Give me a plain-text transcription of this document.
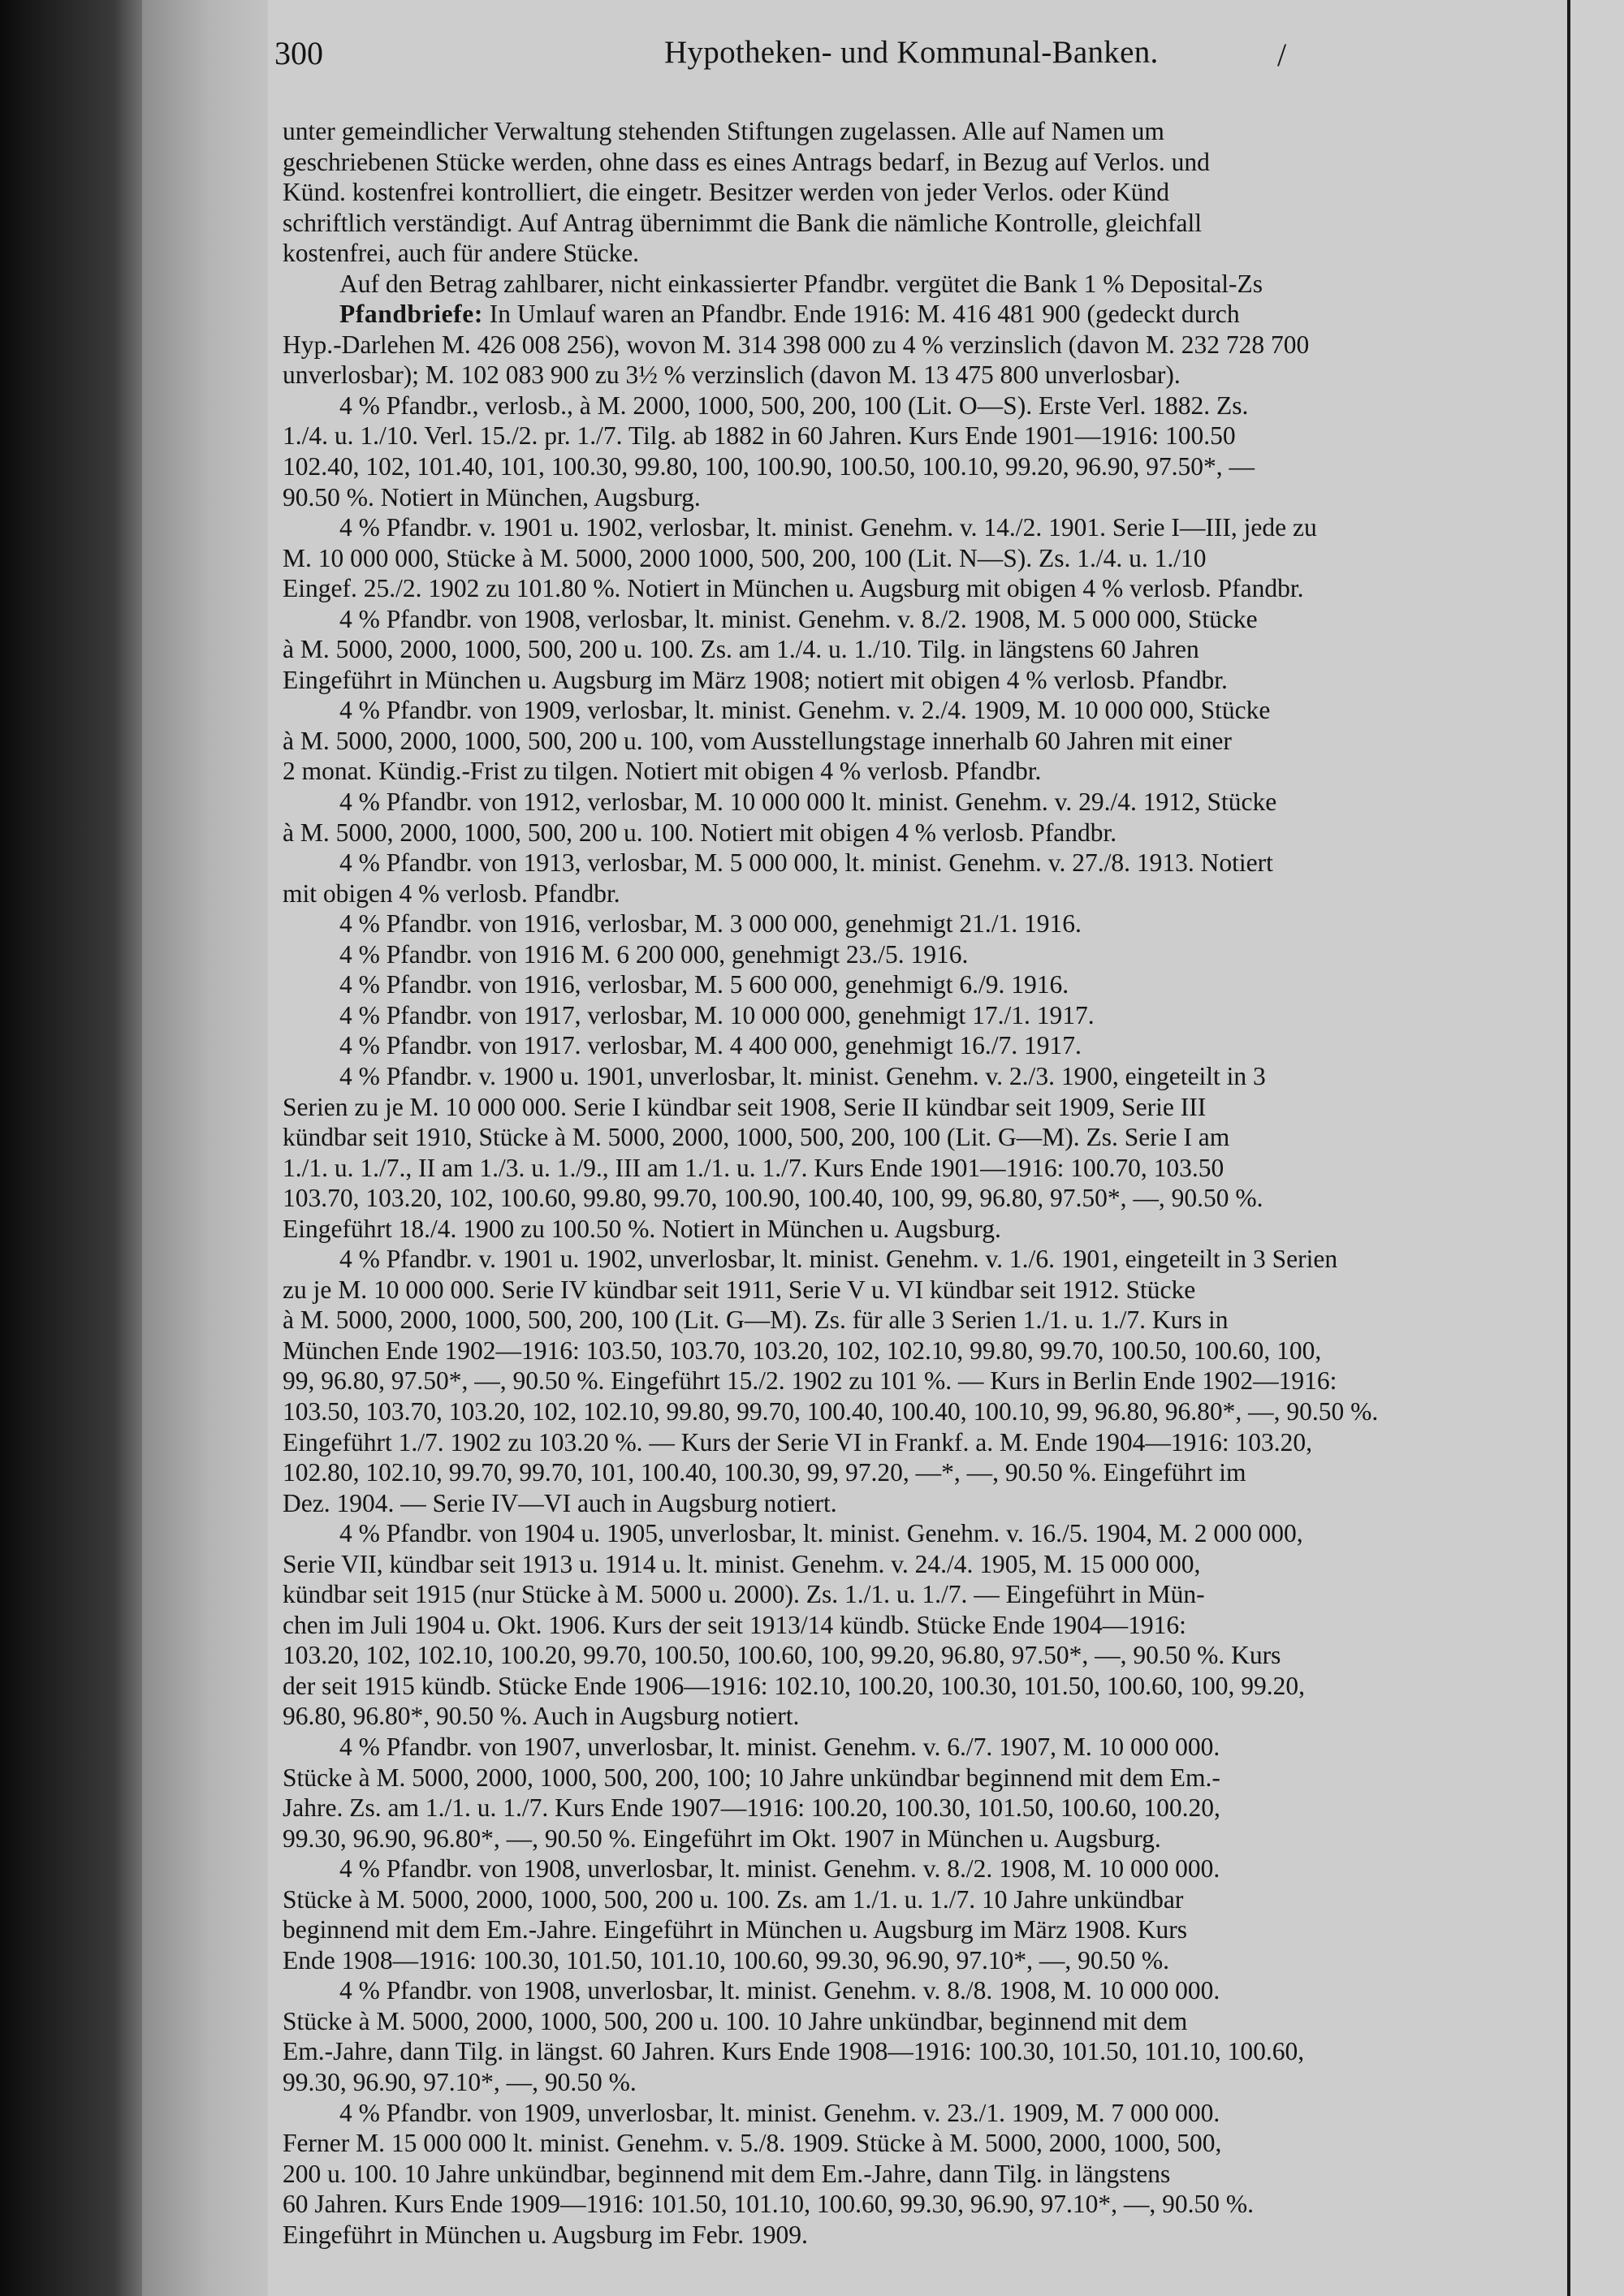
300	Hypotheken- und Kommunal-Banken.	/
unter gemeindlicher Verwaltung stehenden Stiftungen zugelassen. Alle auf Namen um
geschriebenen Stücke werden, ohne dass es eines Antrags bedarf, in Bezug auf Verlos. und
Künd. kostenfrei kontrolliert, die eingetr. Besitzer werden von jeder Verlos. oder Künd
schriftlich verständigt. Auf Antrag übernimmt die Bank die nämliche Kontrolle, gleichfall
kostenfrei, auch für andere Stücke.
Auf den Betrag zahlbarer, nicht einkassierter Pfandbr. vergütet die Bank 1 % Deposital-Zs
Pfandbriefe: In Umlauf waren an Pfandbr. Ende 1916: M. 416 481 900 (gedeckt durch
Hyp.-Darlehen M. 426 008 256), wovon M. 314 398 000 zu 4 % verzinslich (davon M. 232 728 700
unverlosbar); M. 102 083 900 zu 3½ % verzinslich (davon M. 13 475 800 unverlosbar).
4 % Pfandbr., verlosb., à M. 2000, 1000, 500, 200, 100 (Lit. O—S). Erste Verl. 1882. Zs.
1./4. u. 1./10. Verl. 15./2. pr. 1./7. Tilg. ab 1882 in 60 Jahren. Kurs Ende 1901—1916: 100.50
102.40, 102, 101.40, 101, 100.30, 99.80, 100, 100.90, 100.50, 100.10, 99.20, 96.90, 97.50*, —
90.50 %. Notiert in München, Augsburg.
4 % Pfandbr. v. 1901 u. 1902, verlosbar, lt. minist. Genehm. v. 14./2. 1901. Serie I—III, jede zu
M. 10 000 000, Stücke à M. 5000, 2000 1000, 500, 200, 100 (Lit. N—S). Zs. 1./4. u. 1./10
Eingef. 25./2. 1902 zu 101.80 %. Notiert in München u. Augsburg mit obigen 4 % verlosb. Pfandbr.
4 % Pfandbr. von 1908, verlosbar, lt. minist. Genehm. v. 8./2. 1908, M. 5 000 000, Stücke
à M. 5000, 2000, 1000, 500, 200 u. 100. Zs. am 1./4. u. 1./10. Tilg. in längstens 60 Jahren
Eingeführt in München u. Augsburg im März 1908; notiert mit obigen 4 % verlosb. Pfandbr.
4 % Pfandbr. von 1909, verlosbar, lt. minist. Genehm. v. 2./4. 1909, M. 10 000 000, Stücke
à M. 5000, 2000, 1000, 500, 200 u. 100, vom Ausstellungstage innerhalb 60 Jahren mit einer
2 monat. Kündig.-Frist zu tilgen. Notiert mit obigen 4 % verlosb. Pfandbr.
4 % Pfandbr. von 1912, verlosbar, M. 10 000 000 lt. minist. Genehm. v. 29./4. 1912, Stücke
à M. 5000, 2000, 1000, 500, 200 u. 100. Notiert mit obigen 4 % verlosb. Pfandbr.
4 % Pfandbr. von 1913, verlosbar, M. 5 000 000, lt. minist. Genehm. v. 27./8. 1913. Notiert
mit obigen 4 % verlosb. Pfandbr.
4 % Pfandbr. von 1916, verlosbar, M. 3 000 000, genehmigt 21./1. 1916.
4 % Pfandbr. von 1916 M. 6 200 000, genehmigt 23./5. 1916.
4 % Pfandbr. von 1916, verlosbar, M. 5 600 000, genehmigt 6./9. 1916.
4 % Pfandbr. von 1917, verlosbar, M. 10 000 000, genehmigt 17./1. 1917.
4 % Pfandbr. von 1917. verlosbar, M. 4 400 000, genehmigt 16./7. 1917.
4 % Pfandbr. v. 1900 u. 1901, unverlosbar, lt. minist. Genehm. v. 2./3. 1900, eingeteilt in 3
Serien zu je M. 10 000 000. Serie I kündbar seit 1908, Serie II kündbar seit 1909, Serie III
kündbar seit 1910, Stücke à M. 5000, 2000, 1000, 500, 200, 100 (Lit. G—M). Zs. Serie I am
1./1. u. 1./7., II am 1./3. u. 1./9., III am 1./1. u. 1./7. Kurs Ende 1901—1916: 100.70, 103.50
103.70, 103.20, 102, 100.60, 99.80, 99.70, 100.90, 100.40, 100, 99, 96.80, 97.50*, —, 90.50 %.
Eingeführt 18./4. 1900 zu 100.50 %. Notiert in München u. Augsburg.
4 % Pfandbr. v. 1901 u. 1902, unverlosbar, lt. minist. Genehm. v. 1./6. 1901, eingeteilt in 3 Serien
zu je M. 10 000 000. Serie IV kündbar seit 1911, Serie V u. VI kündbar seit 1912. Stücke
à M. 5000, 2000, 1000, 500, 200, 100 (Lit. G—M). Zs. für alle 3 Serien 1./1. u. 1./7. Kurs in
München Ende 1902—1916: 103.50, 103.70, 103.20, 102, 102.10, 99.80, 99.70, 100.50, 100.60, 100,
99, 96.80, 97.50*, —, 90.50 %. Eingeführt 15./2. 1902 zu 101 %. — Kurs in Berlin Ende 1902—1916:
103.50, 103.70, 103.20, 102, 102.10, 99.80, 99.70, 100.40, 100.40, 100.10, 99, 96.80, 96.80*, —, 90.50 %.
Eingeführt 1./7. 1902 zu 103.20 %. — Kurs der Serie VI in Frankf. a. M. Ende 1904—1916: 103.20,
102.80, 102.10, 99.70, 99.70, 101, 100.40, 100.30, 99, 97.20, —*, —, 90.50 %. Eingeführt im
Dez. 1904. — Serie IV—VI auch in Augsburg notiert.
4 % Pfandbr. von 1904 u. 1905, unverlosbar, lt. minist. Genehm. v. 16./5. 1904, M. 2 000 000,
Serie VII, kündbar seit 1913 u. 1914 u. lt. minist. Genehm. v. 24./4. 1905, M. 15 000 000,
kündbar seit 1915 (nur Stücke à M. 5000 u. 2000). Zs. 1./1. u. 1./7. — Eingeführt in Mün-
chen im Juli 1904 u. Okt. 1906. Kurs der seit 1913/14 kündb. Stücke Ende 1904—1916:
103.20, 102, 102.10, 100.20, 99.70, 100.50, 100.60, 100, 99.20, 96.80, 97.50*, —, 90.50 %. Kurs
der seit 1915 kündb. Stücke Ende 1906—1916: 102.10, 100.20, 100.30, 101.50, 100.60, 100, 99.20,
96.80, 96.80*, 90.50 %. Auch in Augsburg notiert.
4 % Pfandbr. von 1907, unverlosbar, lt. minist. Genehm. v. 6./7. 1907, M. 10 000 000.
Stücke à M. 5000, 2000, 1000, 500, 200, 100; 10 Jahre unkündbar beginnend mit dem Em.-
Jahre. Zs. am 1./1. u. 1./7. Kurs Ende 1907—1916: 100.20, 100.30, 101.50, 100.60, 100.20,
99.30, 96.90, 96.80*, —, 90.50 %. Eingeführt im Okt. 1907 in München u. Augsburg.
4 % Pfandbr. von 1908, unverlosbar, lt. minist. Genehm. v. 8./2. 1908, M. 10 000 000.
Stücke à M. 5000, 2000, 1000, 500, 200 u. 100. Zs. am 1./1. u. 1./7. 10 Jahre unkündbar
beginnend mit dem Em.-Jahre. Eingeführt in München u. Augsburg im März 1908. Kurs
Ende 1908—1916: 100.30, 101.50, 101.10, 100.60, 99.30, 96.90, 97.10*, —, 90.50 %.
4 % Pfandbr. von 1908, unverlosbar, lt. minist. Genehm. v. 8./8. 1908, M. 10 000 000.
Stücke à M. 5000, 2000, 1000, 500, 200 u. 100. 10 Jahre unkündbar, beginnend mit dem
Em.-Jahre, dann Tilg. in längst. 60 Jahren. Kurs Ende 1908—1916: 100.30, 101.50, 101.10, 100.60,
99.30, 96.90, 97.10*, —, 90.50 %.
4 % Pfandbr. von 1909, unverlosbar, lt. minist. Genehm. v. 23./1. 1909, M. 7 000 000.
Ferner M. 15 000 000 lt. minist. Genehm. v. 5./8. 1909. Stücke à M. 5000, 2000, 1000, 500,
200 u. 100. 10 Jahre unkündbar, beginnend mit dem Em.-Jahre, dann Tilg. in längstens
60 Jahren. Kurs Ende 1909—1916: 101.50, 101.10, 100.60, 99.30, 96.90, 97.10*, —, 90.50 %.
Eingeführt in München u. Augsburg im Febr. 1909.
